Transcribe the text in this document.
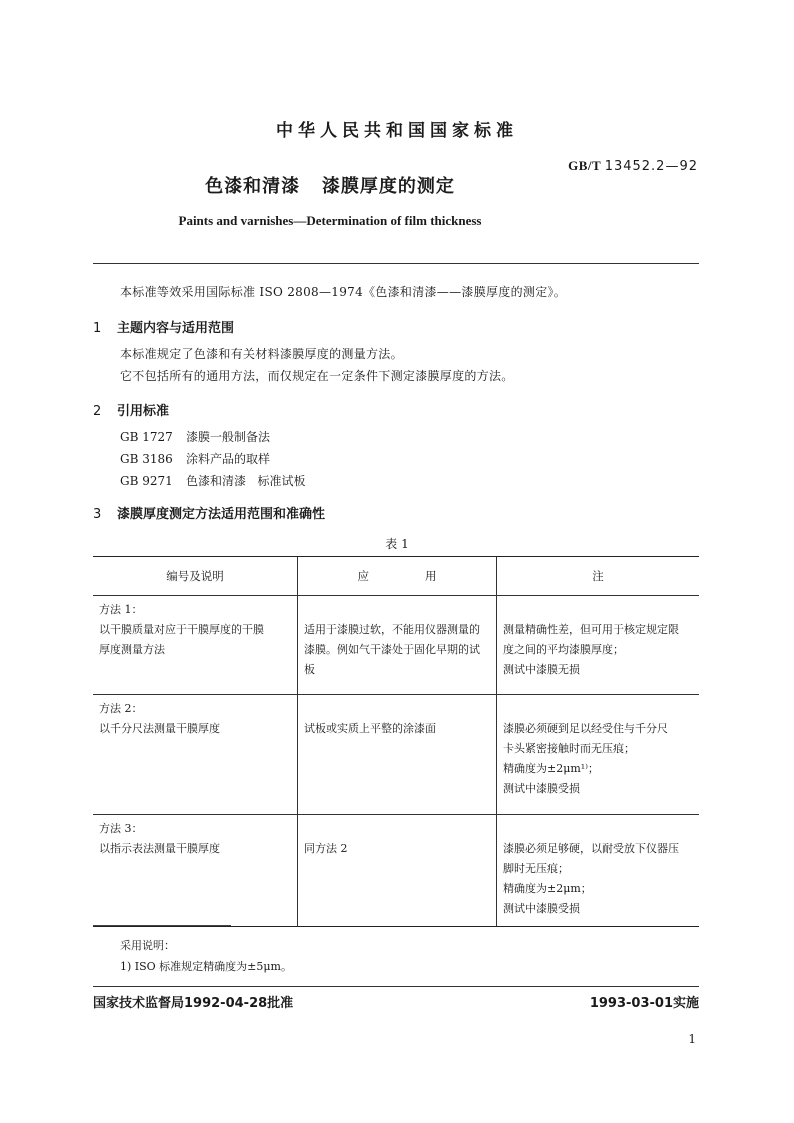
中华人民共和国国家标准
GB/T 13452.2—92
色漆和清漆   漆膜厚度的测定
Paints and varnishes—Determination of film thickness
本标准等效采用国际标准 ISO 2808—1974《色漆和清漆——漆膜厚度的测定》。
1 主题内容与适用范围
本标准规定了色漆和有关材料漆膜厚度的测量方法。
它不包括所有的通用方法，而仅规定在一定条件下测定漆膜厚度的方法。
2 引用标准
GB 1727 漆膜一般制备法
GB 3186 涂料产品的取样
GB 9271 色漆和清漆   标准试板
3 漆膜厚度测定方法适用范围和准确性
表 1
编号及说明	应用	注

方法 1：
以干膜质量对应于干膜厚度的干膜
厚度测量方法	适用于漆膜过软，不能用仪器测量的
漆膜。例如气干漆处于固化早期的试
板	测量精确性差，但可用于核定规定限
度之间的平均漆膜厚度；
测试中漆膜无损

方法 2：
以千分尺法测量干膜厚度	试板或实质上平整的涂漆面	漆膜必须硬到足以经受住与千分尺
卡头紧密接触时而无压痕；
精确度为±2μm¹⁾；
测试中漆膜受损

方法 3：
以指示表法测量干膜厚度	同方法 2	漆膜必须足够硬，以耐受放下仪器压
脚时无压痕；
精确度为±2μm；
测试中漆膜受损
采用说明：
1) ISO 标准规定精确度为±5μm。
国家技术监督局1992-04-28批准	1993-03-01实施
1
